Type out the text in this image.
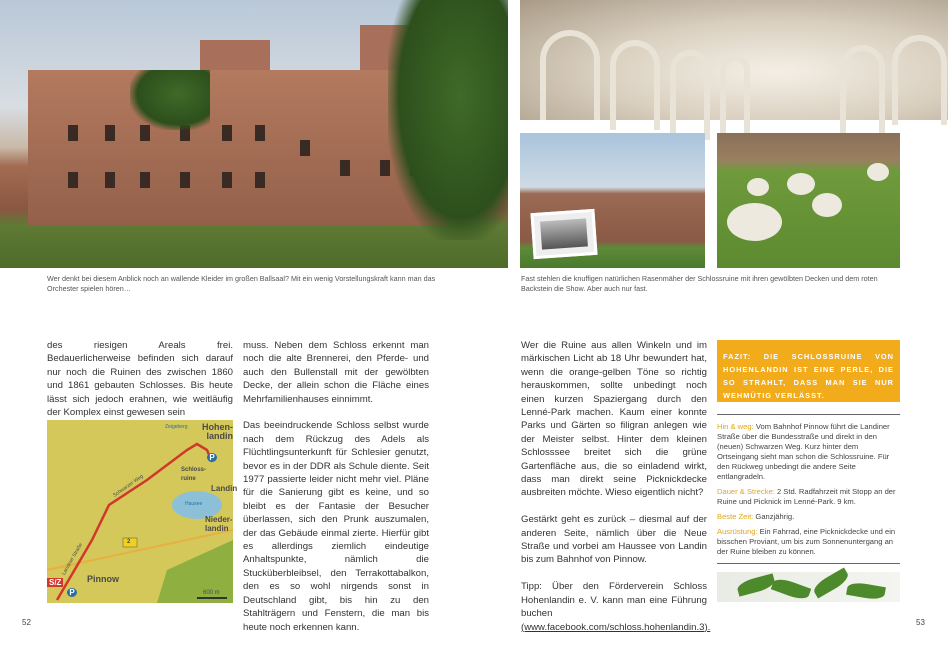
Wer denkt bei diesem Anblick noch an wallende Kleider im großen Ballsaal? Mit ein wenig Vorstellungskraft kann man das Orchester spielen hören…
Fast stehlen die knuffigen natürlichen Rasenmäher der Schlossruine mit ihren gewölbten Decken und dem roten Backstein die Show. Aber auch nur fast.

des riesigen Areals frei. Bedauerlicherweise befinden sich darauf nur noch die Ruinen des zwischen 1860 und 1861 gebauten Schlosses. Bis heute lässt sich jedoch erahnen, wie weitläufig der Komplex einst gewesen sein

muss. Neben dem Schloss erkennt man noch die alte Brennerei, den Pferde- und auch den Bullenstall mit der gewölbten Decke, der allein schon die Fläche eines Mehrfamilienhauses einnimmt.

Das beeindruckende Schloss selbst wurde nach dem Rückzug des Adels als Flüchtlingsunterkunft für Schlesier genutzt, bevor es in der DDR als Schule diente. Seit 1977 passierte leider nicht mehr viel. Pläne für die Sanierung gibt es keine, und so bleibt es der Fantasie der Besucher überlassen, sich den Prunk auszumalen, der das Gebäude einmal zierte. Hierfür gibt es allerdings ziemlich eindeutige Anhaltspunkte, nämlich die Stucküberbleibsel, den Terrakottabalkon, den es so wohl nirgends sonst in Deutschland gibt, bis hin zu den Stahlträgern und Fenstern, die man bis heute noch erkennen kann.

Hohen-landin
Zeigeberg
P
Schloss-ruine
Landin
Hausee
Nieder-landin
Schwarzer Weg
Landiner Straße
2
Pinnow
S/Z
P	600 m

Wer die Ruine aus allen Winkeln und im märkischen Licht ab 18 Uhr bewundert hat, wenn die orange-gelben Töne so richtig herauskommen, sollte unbedingt noch einen kurzen Spaziergang durch den Lenné-Park machen. Kaum einer konnte Parks und Gärten so filigran anlegen wie der Meister selbst. Hinter dem kleinen Schlosssee breitet sich die grüne Gartenfläche aus, die so einladend wirkt, dass man direkt seine Picknickdecke ausbreiten möchte. Wieso eigentlich nicht?

Gestärkt geht es zurück – diesmal auf der anderen Seite, nämlich über die Neue Straße und vorbei am Haussee von Landin bis zum Bahnhof von Pinnow.

Tipp: Über den Förderverein Schloss Hohenlandin e. V. kann man eine Führung buchen (www.facebook.com/schloss.hohenlandin.3).

FAZIT: DIE SCHLOSSRUINE VON HOHENLANDIN IST EINE PERLE, DIE SO STRAHLT, DASS MAN SIE NUR WEHMÜTIG VERLÄSST.

Hin & weg: Vom Bahnhof Pinnow führt die Landiner Straße über die Bundesstraße und direkt in den (neuen) Schwarzen Weg. Kurz hinter dem Ortseingang sieht man schon die Schlossruine. Für den Rückweg unbedingt die andere Seite entlangradeln.

Dauer & Strecke: 2 Std. Radfahrzeit mit Stopp an der Ruine und Picknick im Lenné-Park. 9 km.

Beste Zeit: Ganzjährig.

Ausrüstung: Ein Fahrrad, eine Picknickdecke und ein bisschen Proviant, um bis zum Sonnenuntergang an der Ruine bleiben zu können.

52	53
